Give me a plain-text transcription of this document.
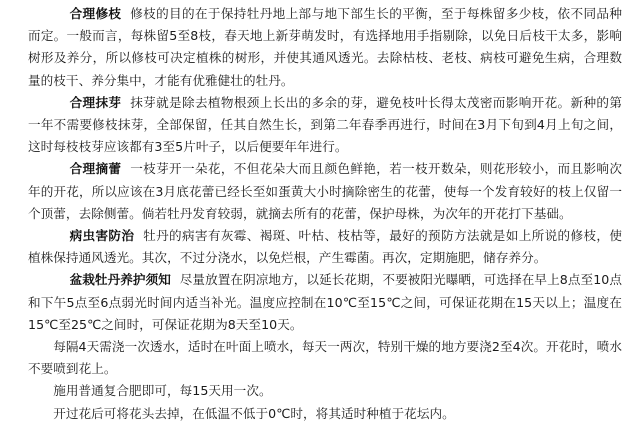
合理修枝 修枝的目的在于保持牡丹地上部与地下部生长的平衡，至于每株留多少枝，依不同品种而定。一般而言，每株留5至8枝，春天地上新芽萌发时，有选择地用手指剔除，以免日后枝干太多，影响树形及养分，所以修枝可决定植株的树形，并使其通风透光。去除枯枝、老枝、病枝可避免生病，合理数量的枝干、养分集中，才能有优雅健壮的牡丹。

合理抹芽 抹芽就是除去植物根颈上长出的多余的芽，避免枝叶长得太茂密而影响开花。新种的第一年不需要修枝抹芽，全部保留，任其自然生长，到第二年春季再进行，时间在3月下旬到4月上旬之间，这时每枝枝芽应该都有3至5片叶子，以后便要年年进行。

合理摘蕾 一枝芽开一朵花，不但花朵大而且颜色鲜艳，若一枝开数朵，则花形较小，而且影响次年的开花，所以应该在3月底花蕾已经长至如蛋黄大小时摘除密生的花蕾，使每一个发育较好的枝上仅留一个顶蕾，去除侧蕾。倘若牡丹发育较弱，就摘去所有的花蕾，保护母株，为次年的开花打下基础。

病虫害防治 牡丹的病害有灰霉、褐斑、叶枯、枝枯等，最好的预防方法就是如上所说的修枝，使植株保持通风透光。其次，不过分浇水，以免烂根，产生霉菌。再次，定期施肥，储存养分。

盆栽牡丹养护须知 尽量放置在阴凉地方，以延长花期，不要被阳光曝晒，可选择在早上8点至10点和下午5点至6点弱光时间内适当补光。温度应控制在10℃至15℃之间，可保证花期在15天以上；温度在15℃至25℃之间时，可保证花期为8天至10天。

每隔4天需浇一次透水，适时在叶面上喷水，每天一两次，特别干燥的地方要浇2至4次。开花时，喷水不要喷到花上。

施用普通复合肥即可，每15天用一次。

开过花后可将花头去掉，在低温不低于0℃时，将其适时种植于花坛内。
